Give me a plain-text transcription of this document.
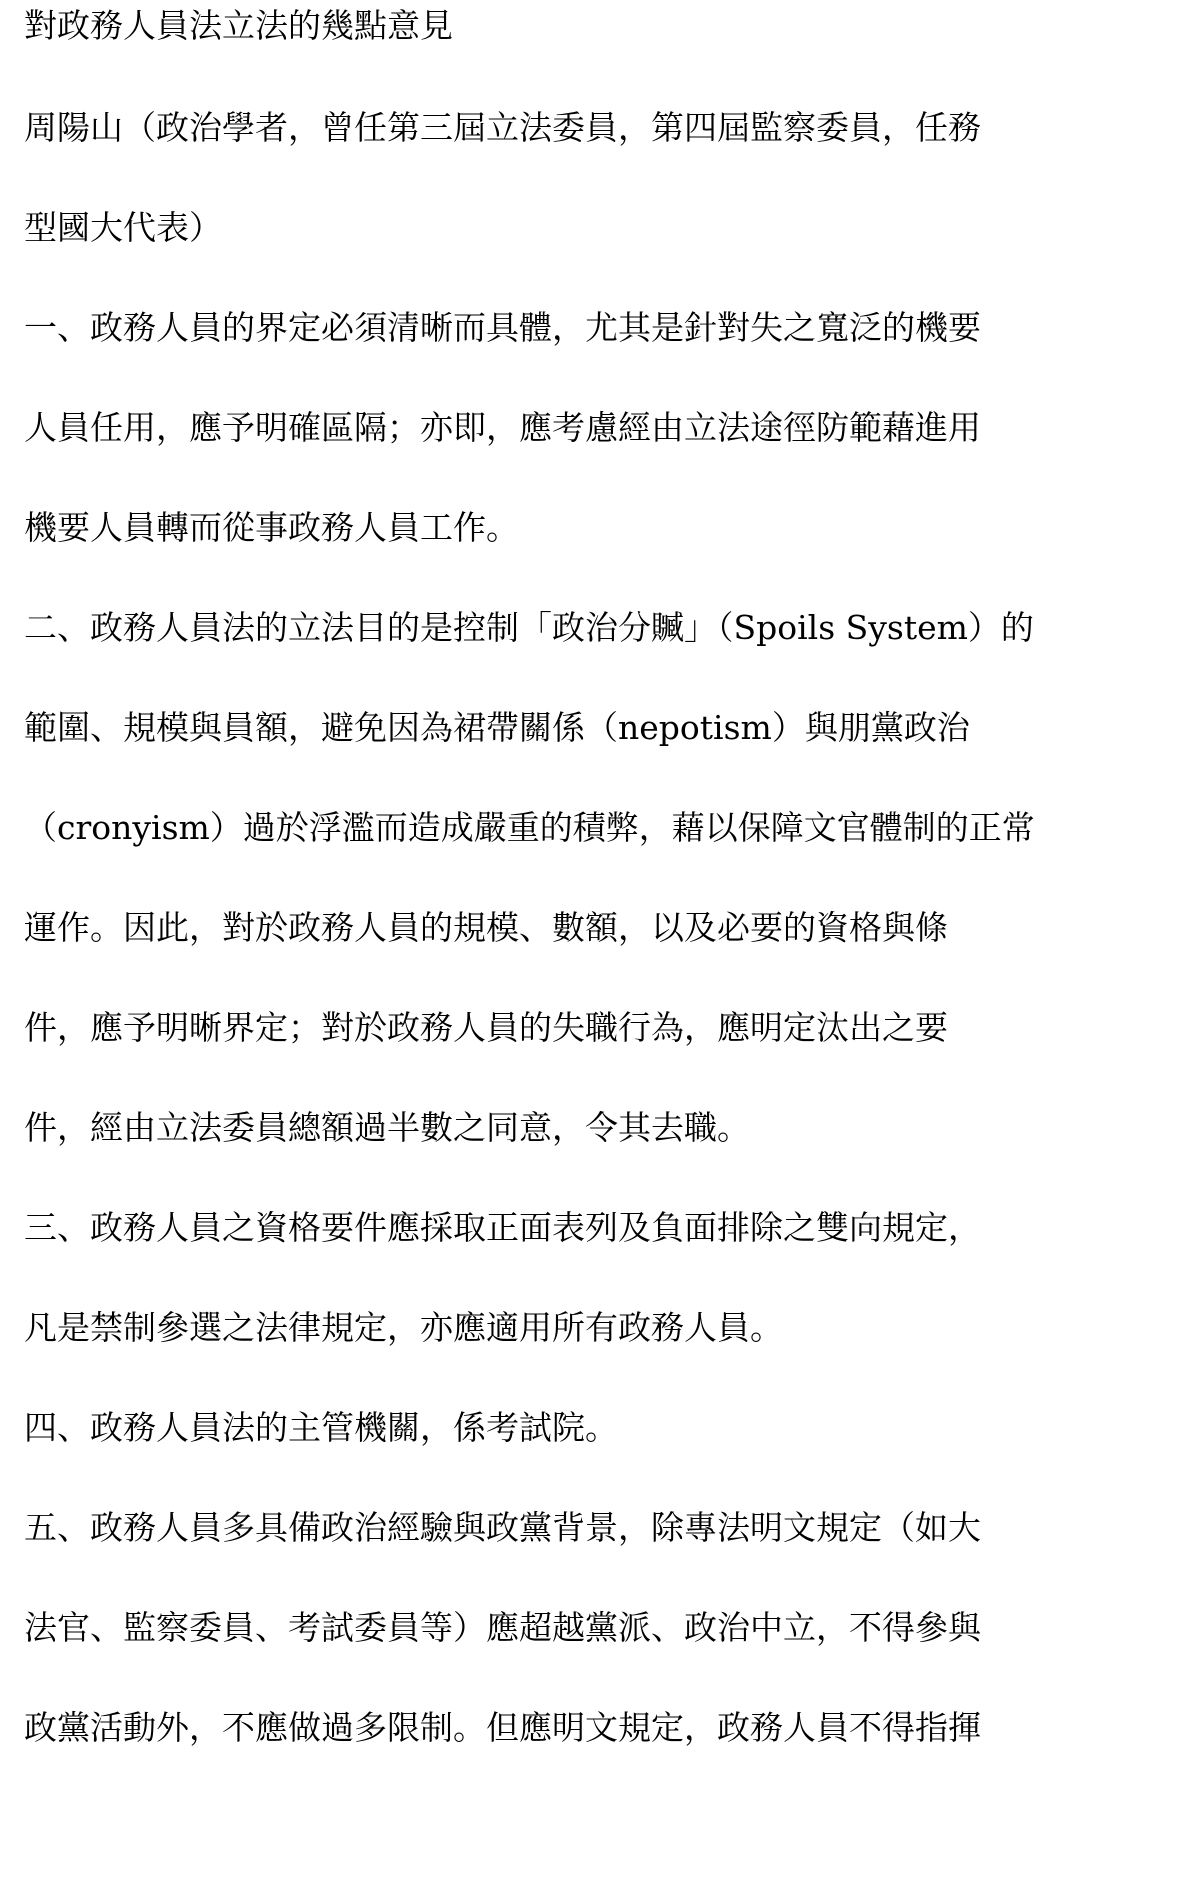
對政務人員法立法的幾點意見
周陽山（政治學者，曾任第三屆立法委員，第四屆監察委員，任務
型國大代表）
一、政務人員的界定必須清晰而具體，尤其是針對失之寬泛的機要
人員任用，應予明確區隔；亦即，應考慮經由立法途徑防範藉進用
機要人員轉而從事政務人員工作。
二、政務人員法的立法目的是控制「政治分贓」（Spoils System）的
範圍、規模與員額，避免因為裙帶關係（nepotism）與朋黨政治
（cronyism）過於浮濫而造成嚴重的積弊，藉以保障文官體制的正常
運作。因此，對於政務人員的規模、數額，以及必要的資格與條
件，應予明晰界定；對於政務人員的失職行為，應明定汰出之要
件，經由立法委員總額過半數之同意，令其去職。
三、政務人員之資格要件應採取正面表列及負面排除之雙向規定，
凡是禁制參選之法律規定，亦應適用所有政務人員。
四、政務人員法的主管機關，係考試院。
五、政務人員多具備政治經驗與政黨背景，除專法明文規定（如大
法官、監察委員、考試委員等）應超越黨派、政治中立，不得參與
政黨活動外，不應做過多限制。但應明文規定，政務人員不得指揮
